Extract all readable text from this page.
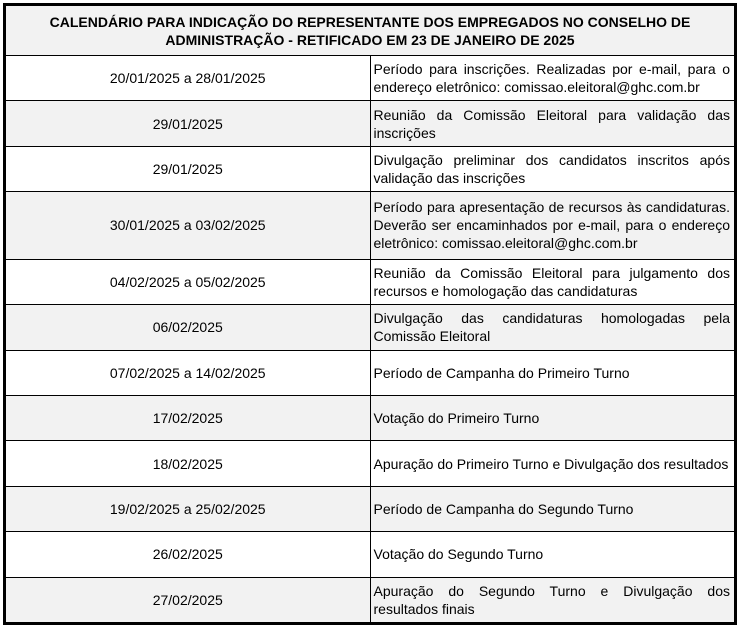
CALENDÁRIO PARA INDICAÇÃO DO REPRESENTANTE DOS EMPREGADOS NO CONSELHO DE ADMINISTRAÇÃO - RETIFICADO EM 23 DE JANEIRO DE 2025	
20/01/2025 a 28/01/2025	Período para inscrições. Realizadas por e-mail, para o endereço eletrônico: comissao.eleitoral@ghc.com.br
29/01/2025	Reunião da Comissão Eleitoral para validação das inscrições
29/01/2025	Divulgação preliminar dos candidatos inscritos após validação das inscrições
30/01/2025 a 03/02/2025	Período para apresentação de recursos às candidaturas. Deverão ser encaminhados por e-mail, para o endereço eletrônico: comissao.eleitoral@ghc.com.br
04/02/2025 a 05/02/2025	Reunião da Comissão Eleitoral para julgamento dos recursos e homologação das candidaturas
06/02/2025	Divulgação das candidaturas homologadas pela Comissão Eleitoral
07/02/2025 a 14/02/2025	Período de Campanha do Primeiro Turno
17/02/2025	Votação do Primeiro Turno
18/02/2025	Apuração do Primeiro Turno e Divulgação dos resultados
19/02/2025 a 25/02/2025	Período de Campanha do Segundo Turno
26/02/2025	Votação do Segundo Turno
27/02/2025	Apuração do Segundo Turno e Divulgação dos resultados finais
